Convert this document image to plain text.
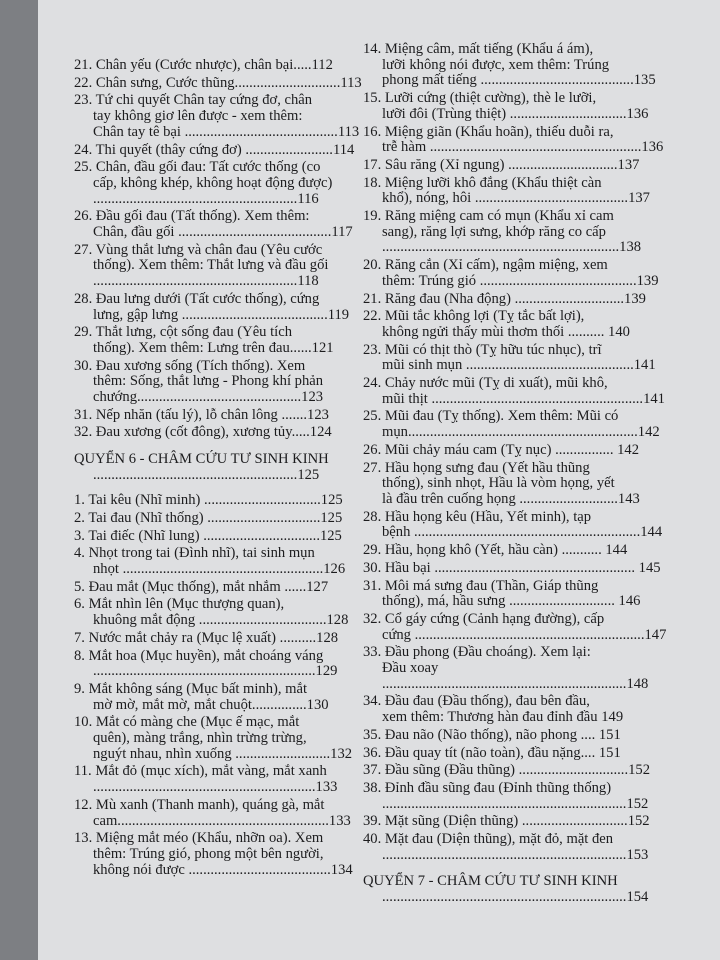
21. Chân yếu (Cước nhược), chân bại.....112
22. Chân sưng, Cước thũng.............................113
23. Tứ chi quyết Chân tay cứng đơ, chân
tay không giơ lên được - xem thêm:
Chân tay tê bại ..........................................113
24. Thi quyết (thây cứng đơ) ........................114
25. Chân, đầu gối đau: Tất cước thống (co
cấp, không khép, không hoạt động được)
........................................................116
26. Đầu gối đau (Tất thống). Xem thêm:
Chân, đầu gối ..........................................117
27. Vùng thắt lưng và chân đau (Yêu cước
thống). Xem thêm: Thắt lưng và đầu gối
........................................................118
28. Đau lưng dưới (Tất cước thống), cứng
lưng, gập lưng ........................................119
29. Thắt lưng, cột sống đau (Yêu tích
thống). Xem thêm: Lưng trên đau......121
30. Đau xương sống (Tích thống). Xem
thêm: Sống, thắt lưng - Phong khí phản
chướng.............................................123
31. Nếp nhăn (tấu lý), lỗ chân lông .......123
32. Đau xương (cốt đông), xương tủy.....124
QUYỂN 6 - CHÂM CỨU TƯ SINH KINH
........................................................125
1. Tai kêu (Nhĩ minh) ................................125
2. Tai đau (Nhĩ thống) ...............................125
3. Tai điếc (Nhĩ lung) ................................125
4. Nhọt trong tai (Đình nhĩ), tai sinh mụn
nhọt .......................................................126
5. Đau mắt (Mục thống), mắt nhắm ......127
6. Mắt nhìn lên (Mục thượng quan),
khuông mắt động ...................................128
7. Nước mắt chảy ra (Mục lệ xuất) ..........128
8. Mắt hoa (Mục huyền), mắt choáng váng
.............................................................129
9. Mắt không sáng (Mục bất minh), mắt
mờ mờ, mắt mờ, mắt chuột...............130
10. Mắt có màng che (Mục ế mạc, mắt
quên), màng trắng, nhìn trừng trừng,
nguýt nhau, nhìn xuống ..........................132
11. Mắt đỏ (mục xích), mắt vàng, mắt xanh
.............................................................133
12. Mù xanh (Thanh manh), quáng gà, mắt
cam..........................................................133
13. Miệng mắt méo (Khẩu, nhỡn oa). Xem
thêm: Trúng gió, phong một bên người,
không nói được .......................................134
14. Miệng câm, mất tiếng (Khẩu á ám),
lưỡi không nói được, xem thêm: Trúng
phong mất tiếng ..........................................135
15. Lưỡi cứng (thiệt cường), thè le lưỡi,
lưỡi đôi (Trùng thiệt) ................................136
16. Miệng giãn (Khẩu hoãn), thiếu duỗi ra,
trễ hàm ..........................................................136
17. Sâu răng (Xỉ ngung) ..............................137
18. Miệng lưỡi khô đắng (Khẩu thiệt càn
khổ), nóng, hôi ..........................................137
19. Răng miệng cam có mụn (Khẩu xỉ cam
sang), răng lợi sưng, khớp răng co cấp
.................................................................138
20. Răng cắn (Xỉ cấm), ngậm miệng, xem
thêm: Trúng gió ...........................................139
21. Răng đau (Nha động) ..............................139
22. Mũi tắc không lợi (Tỵ tắc bất lợi),
không ngửi thấy mùi thơm thối .......... 140
23. Mũi có thịt thò (Tỵ hữu túc nhục), trĩ
mũi sinh mụn ..............................................141
24. Chảy nước mũi (Tỵ di xuất), mũi khô,
mũi thịt ..........................................................141
25. Mũi đau (Tỵ thống). Xem thêm: Mũi có
mụn...............................................................142
26. Mũi chảy máu cam (Tỵ nục) ................ 142
27. Hầu họng sưng đau (Yết hầu thũng
thống), sinh nhọt, Hầu là vòm họng, yết
là đầu trên cuống họng ...........................143
28. Hầu họng kêu (Hầu, Yết minh), tạp
bệnh ..............................................................144
29. Hầu, họng khô (Yết, hầu càn) ........... 144
30. Hầu bại ....................................................... 145
31. Môi má sưng đau (Thần, Giáp thũng
thống), má, hầu sưng ............................. 146
32. Cổ gáy cứng (Cảnh hạng đường), cấp
cứng ...............................................................147
33. Đầu phong (Đầu choáng). Xem lại:
Đầu xoay
...................................................................148
34. Đầu đau (Đầu thống), đau bên đầu,
xem thêm: Thương hàn đau đỉnh đầu 149
35. Đau não (Não thống), não phong .... 151
36. Đầu quay tít (não toàn), đầu nặng.... 151
37. Đầu sũng (Đầu thũng) ..............................152
38. Đỉnh đầu sũng đau (Đỉnh thũng thống)
...................................................................152
39. Mặt sũng (Diện thũng) .............................152
40. Mặt đau (Diện thũng), mặt đỏ, mặt đen
...................................................................153
QUYỂN 7 - CHÂM CỨU TƯ SINH KINH
...................................................................154
